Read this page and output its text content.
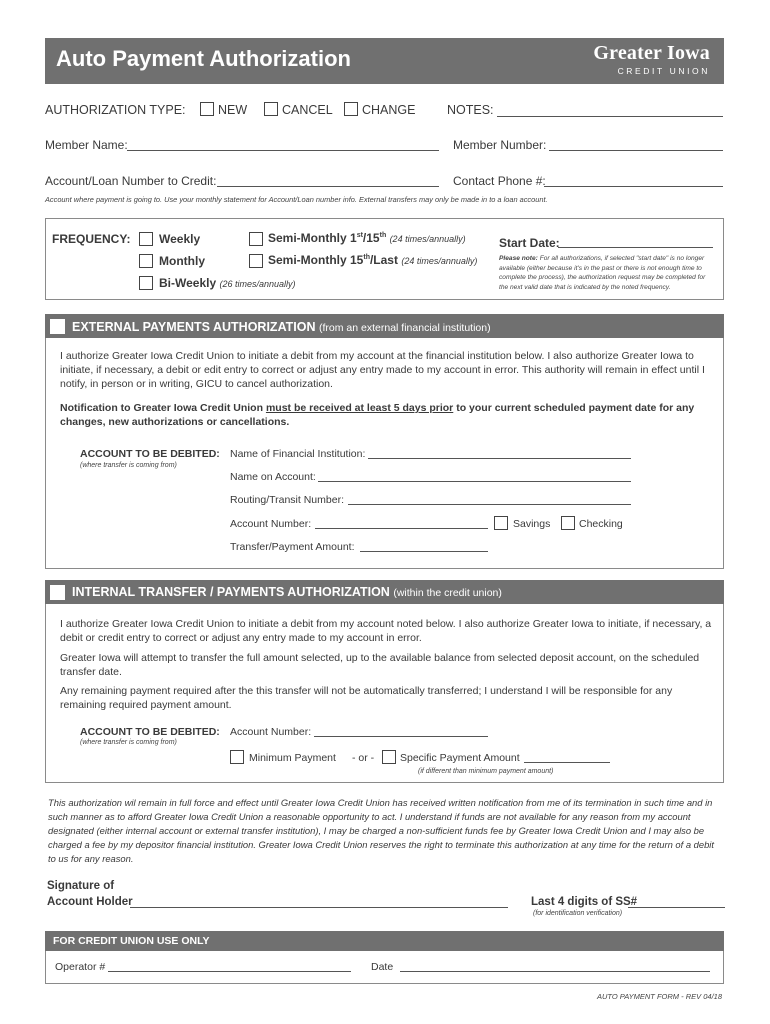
Auto Payment Authorization	Greater Iowa
CREDIT UNION
AUTHORIZATION TYPE:	NEW	CANCEL CHANGE	NOTES:
Member Name:	Member Number:
Account/Loan Number to Credit:	Contact Phone #:
Account where payment is going to. Use your monthly statement for Account/Loan number info. External transfers may only be made in to a loan account.
FREQUENCY: Weekly
Monthly
Bi-Weekly (26 times/annually)
Semi-Monthly 1st/15th (24 times/annually)
Semi-Monthly 15th/Last (24 times/annually)
Start Date:
Please note: For all authorizations, if selected "start date" is no longer available (either because it's in the past or there is not enough time to complete the process), the authorization request may be completed for the next valid date that is indicated by the noted frequency.
EXTERNAL PAYMENTS AUTHORIZATION (from an external financial institution)
I authorize Greater Iowa Credit Union to initiate a debit from my account at the financial institution below. I also authorize Greater Iowa to initiate, if necessary, a debit or edit entry to correct or adjust any entry made to my account in error. This authority will remain in effect until I notify, in person or in writing, GICU to cancel authorization.
Notification to Greater Iowa Credit Union must be received at least 5 days prior to your current scheduled payment date for any changes, new authorizations or cancellations.
ACCOUNT TO BE DEBITED:
(where transfer is coming from)
Name of Financial Institution:
Name on Account:
Routing/Transit Number:
Account Number:	Savings	Checking
Transfer/Payment Amount:
INTERNAL TRANSFER / PAYMENTS AUTHORIZATION (within the credit union)
I authorize Greater Iowa Credit Union to initiate a debit from my account noted below. I also authorize Greater Iowa to initiate, if necessary, a debit or credit entry to correct or adjust any entry made to my account in error.
Greater Iowa will attempt to transfer the full amount selected, up to the available balance from selected deposit account, on the scheduled transfer date.
Any remaining payment required after the this transfer will not be automatically transferred; I understand I will be responsible for any remaining required payment amount.
ACCOUNT TO BE DEBITED:
(where transfer is coming from)
Account Number:
Minimum Payment - or - Specific Payment Amount
(if different than minimum payment amount)
This authorization wil remain in full force and effect until Greater Iowa Credit Union has received written notification from me of its termination in such time and in such manner as to afford Greater Iowa Credit Union a reasonable opportunity to act. I understand if funds are not available for any reason from my account designated (either internal account or external transfer institution), I may be charged a non-sufficient funds fee by Greater Iowa Credit Union and I may also be charged a fee by my depositor financial institution. Greater Iowa Credit Union reserves the right to terminate this authorization at any time for the return of a debit to us for any reason.
Signature of
Account Holder	Last 4 digits of SS#
(for identification verification)
FOR CREDIT UNION USE ONLY
Operator #	Date
AUTO PAYMENT FORM - REV 04/18
